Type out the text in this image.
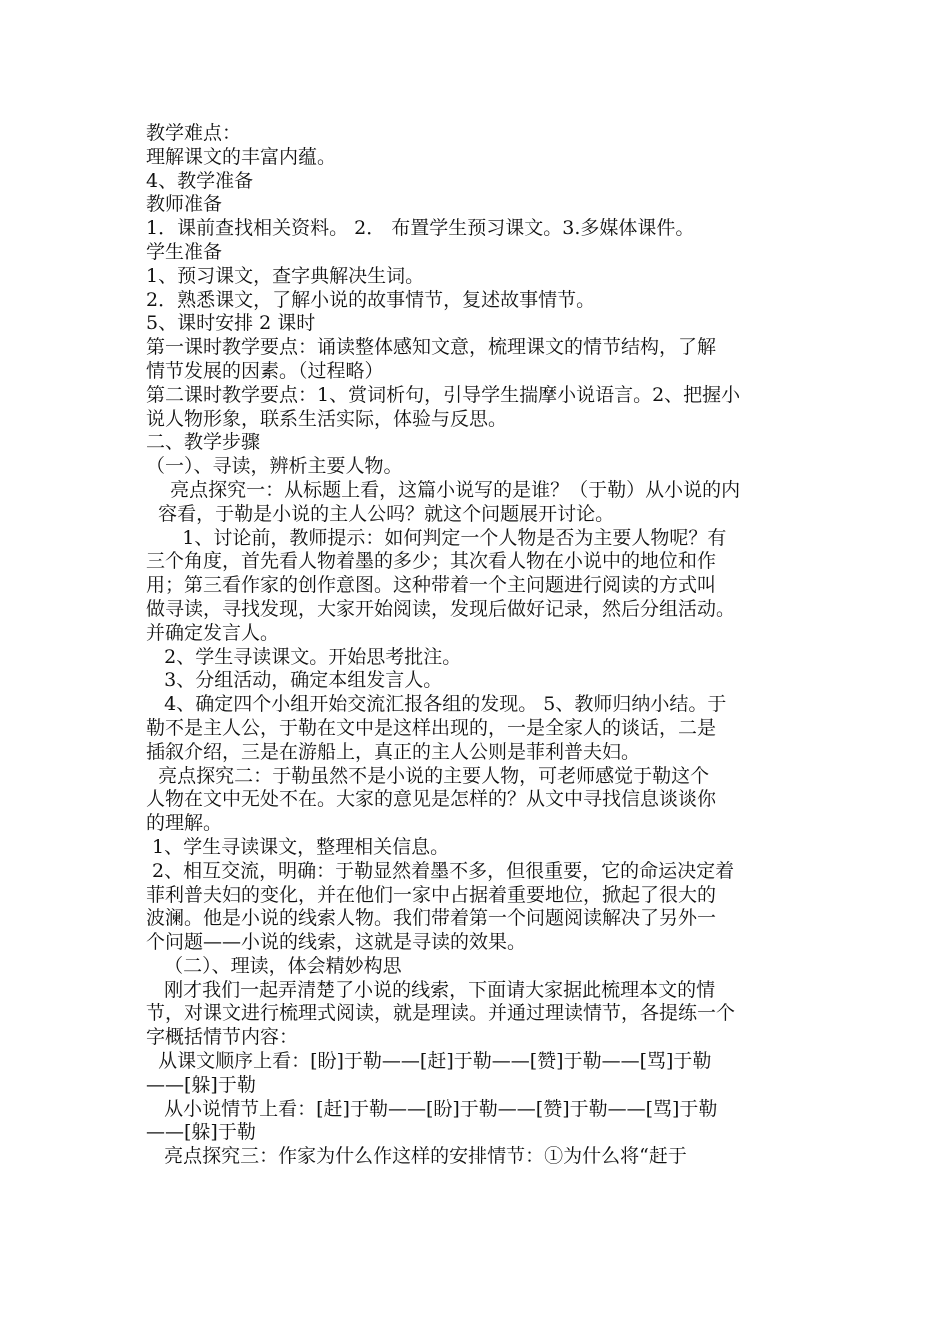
教学难点：
理解课文的丰富内蕴。
4、教学准备
教师准备
1．课前查找相关资料。 2． 布置学生预习课文。3.多媒体课件。
学生准备
1、预习课文，查字典解决生词。
2．熟悉课文，了解小说的故事情节，复述故事情节。
5、课时安排 2 课时
第一课时教学要点：诵读整体感知文意，梳理课文的情节结构，了解
情节发展的因素。（过程略）
第二课时教学要点：1、赏词析句，引导学生揣摩小说语言。2、把握小
说人物形象，联系生活实际，体验与反思。
二、教学步骤
（一）、寻读，辨析主要人物。
亮点探究一：从标题上看，这篇小说写的是谁？（于勒）从小说的内
容看，于勒是小说的主人公吗？就这个问题展开讨论。
1、讨论前，教师提示：如何判定一个人物是否为主要人物呢？有
三个角度，首先看人物着墨的多少；其次看人物在小说中的地位和作
用；第三看作家的创作意图。这种带着一个主问题进行阅读的方式叫
做寻读，寻找发现，大家开始阅读，发现后做好记录，然后分组活动。
并确定发言人。
2、学生寻读课文。开始思考批注。
3、分组活动，确定本组发言人。
4、确定四个小组开始交流汇报各组的发现。 5、教师归纳小结。于
勒不是主人公，于勒在文中是这样出现的，一是全家人的谈话，二是
插叙介绍，三是在游船上，真正的主人公则是菲利普夫妇。
亮点探究二：于勒虽然不是小说的主要人物，可老师感觉于勒这个
人物在文中无处不在。大家的意见是怎样的？从文中寻找信息谈谈你
的理解。
1、学生寻读课文，整理相关信息。
2、相互交流，明确：于勒显然着墨不多，但很重要，它的命运决定着
菲利普夫妇的变化，并在他们一家中占据着重要地位，掀起了很大的
波澜。他是小说的线索人物。我们带着第一个问题阅读解决了另外一
个问题——小说的线索，这就是寻读的效果。
（二）、理读，体会精妙构思
刚才我们一起弄清楚了小说的线索，下面请大家据此梳理本文的情
节，对课文进行梳理式阅读，就是理读。并通过理读情节，各提练一个
字概括情节内容：
从课文顺序上看：[盼]于勒——[赶]于勒——[赞]于勒——[骂]于勒
——[躲]于勒
从小说情节上看：[赶]于勒——[盼]于勒——[赞]于勒——[骂]于勒
——[躲]于勒
亮点探究三：作家为什么作这样的安排情节：①为什么将“赶于
